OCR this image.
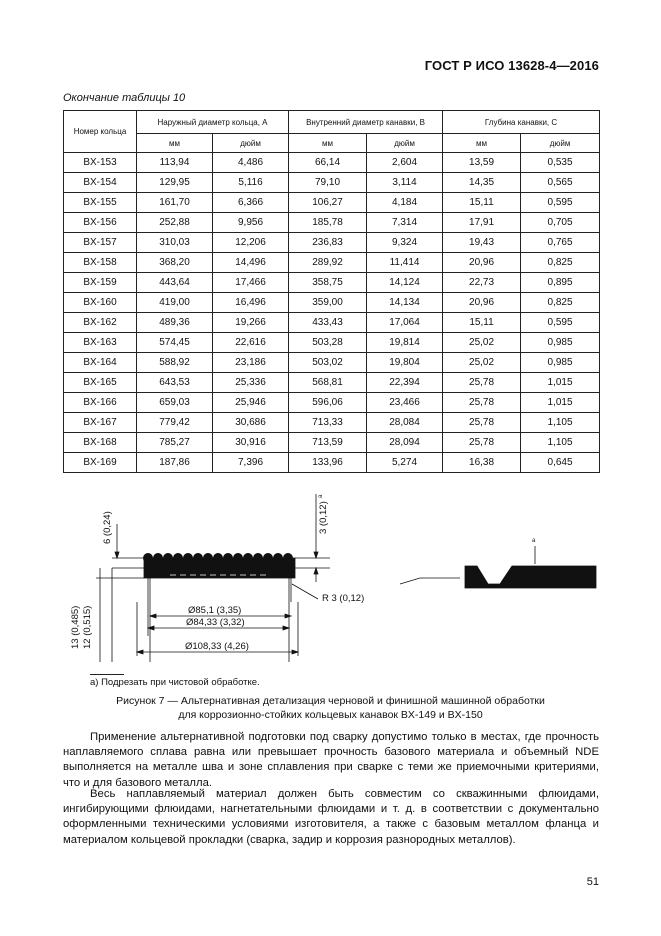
ГОСТ Р ИСО 13628-4—2016
Окончание таблицы 10
Номер кольца	Наружный диаметр кольца, A		Внутренний диаметр канавки, B		Глубина канавки, C	
	мм	дюйм	мм	дюйм	мм	дюйм
BX-153	113,94	4,486	66,14	2,604	13,59	0,535
BX-154	129,95	5,116	79,10	3,114	14,35	0,565
BX-155	161,70	6,366	106,27	4,184	15,11	0,595
BX-156	252,88	9,956	185,78	7,314	17,91	0,705
BX-157	310,03	12,206	236,83	9,324	19,43	0,765
BX-158	368,20	14,496	289,92	11,414	20,96	0,825
BX-159	443,64	17,466	358,75	14,124	22,73	0,895
BX-160	419,00	16,496	359,00	14,134	20,96	0,825
BX-162	489,36	19,266	433,43	17,064	15,11	0,595
BX-163	574,45	22,616	503,28	19,814	25,02	0,985
BX-164	588,92	23,186	503,02	19,804	25,02	0,985
BX-165	643,53	25,336	568,81	22,394	25,78	1,015
BX-166	659,03	25,946	596,06	23,466	25,78	1,015
BX-167	779,42	30,686	713,33	28,084	25,78	1,105
BX-168	785,27	30,916	713,59	28,094	25,78	1,105
BX-169	187,86	7,396	133,96	5,274	16,38	0,645
6 (0,24)	3 (0,12)
a
R 3 (0,12)
Ø85,1 (3,35)
Ø84,33 (3,32)
Ø108,33 (4,26)
13 (0,485) 12 (0,515)
a
a) Подрезать при чистовой обработке.
Рисунок 7 — Альтернативная детализация черновой и финишной машинной обработки
для коррозионно-стойких кольцевых канавок BX-149 и BX-150
Применение альтернативной подготовки под сварку допустимо только в местах, где прочность наплавляемого сплава равна или превышает прочность базового материала и объемный NDE выполняется на металле шва и зоне сплавления при сварке с теми же приемочными критериями, что и для базового металла.
Весь наплавляемый материал должен быть совместим со скважинными флюидами, ингибирующими флюидами, нагнетательными флюидами и т. д. в соответствии с документально оформленными техническими условиями изготовителя, а также с базовым металлом фланца и материалом кольцевой прокладки (сварка, задир и коррозия разнородных металлов).
51
